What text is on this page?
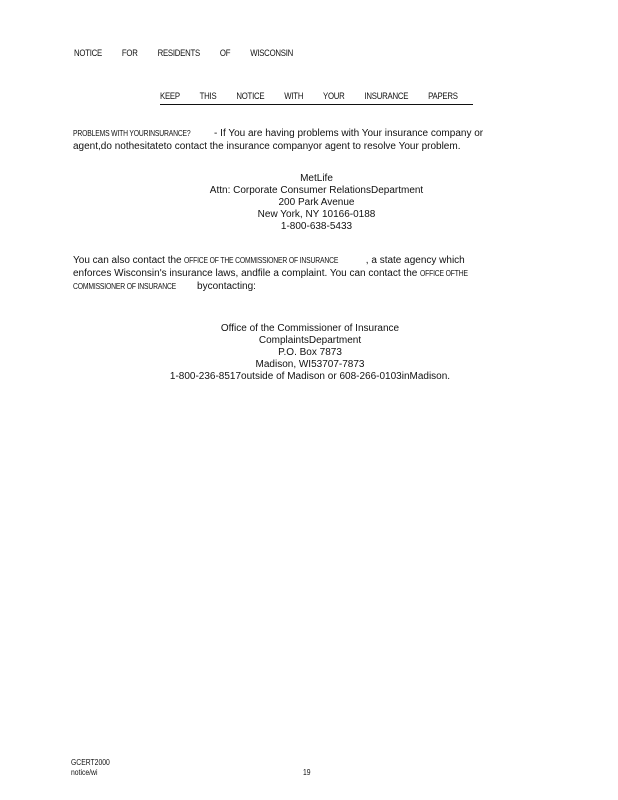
NOTICE FOR RESIDENTS OF WISCONSIN
KEEP THIS NOTICE WITH YOUR INSURANCE PAPERS
PROBLEMS WITH YOURINSURANCE? - If You are having problems with Your insurance company or
agent,do nothesitateto contact the insurance companyor agent to resolve Your problem.
MetLife
Attn: Corporate Consumer RelationsDepartment
200 Park Avenue
New York, NY 10166-0188
1-800-638-5433
You can also contact the OFFICE OF THE COMMISSIONER OF INSURANCE	, a state agency which
enforces Wisconsin's insurance laws, andfile a complaint. You can contact the OFFICE OFTHE
COMMISSIONER OF INSURANCE bycontacting:
Office of the Commissioner of Insurance
ComplaintsDepartment
P.O. Box 7873
Madison, WI53707-7873
1-800-236-8517outside of Madison or 608-266-0103inMadison.
GCERT2000
notice/wi	19
